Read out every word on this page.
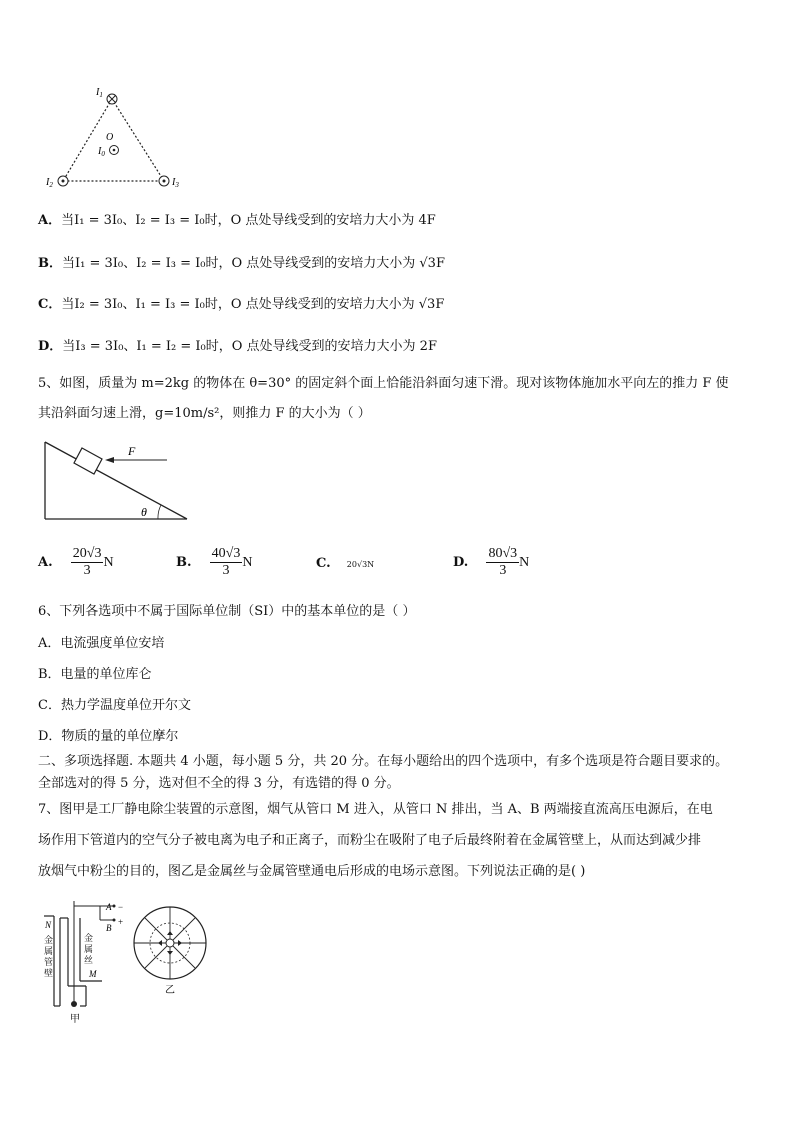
$I_1$
O
$I_0$
$I_2$	$I_3$
A．当I₁ = 3I₀、I₂ = I₃ = I₀时，O 点处导线受到的安培力大小为 4F
B．当I₁ = 3I₀、I₂ = I₃ = I₀时，O 点处导线受到的安培力大小为 √3F
C．当I₂ = 3I₀、I₁ = I₃ = I₀时，O 点处导线受到的安培力大小为 √3F
D．当I₃ = 3I₀、I₁ = I₂ = I₀时，O 点处导线受到的安培力大小为 2F
5、如图，质量为 m=2kg 的物体在 θ=30° 的固定斜个面上恰能沿斜面匀速下滑。现对该物体施加水平向左的推力 F 使
其沿斜面匀速上滑，g=10m/s²，则推力 F 的大小为（ ）
F
θ
A. $\frac{20√3}{3}$ N	B. $\frac{40√3}{3}$ N	C. 20√3N	D. $\frac{80√3}{3}$ N
6、下列各选项中不属于国际单位制（SI）中的基本单位的是（ ）
A．电流强度单位安培
B．电量的单位库仑
C．热力学温度单位开尔文
D．物质的量的单位摩尔
二、多项选择题. 本题共 4 小题，每小题 5 分，共 20 分。在每小题给出的四个选项中，有多个选项是符合题目要求的。
全部选对的得 5 分，选对但不全的得 3 分，有选错的得 0 分。
7、图甲是工厂静电除尘装置的示意图，烟气从管口 M 进入，从管口 N 排出，当 A、B 两端接直流高压电源后，在电
场作用下管道内的空气分子被电离为电子和正离子，而粉尘在吸附了电子后最终附着在金属管壁上，从而达到减少排
放烟气中粉尘的目的，图乙是金属丝与金属管壁通电后形成的电场示意图。下列说法正确的是( )
A −
B
+
N
M
甲
金属丝
金属管壁
乙
